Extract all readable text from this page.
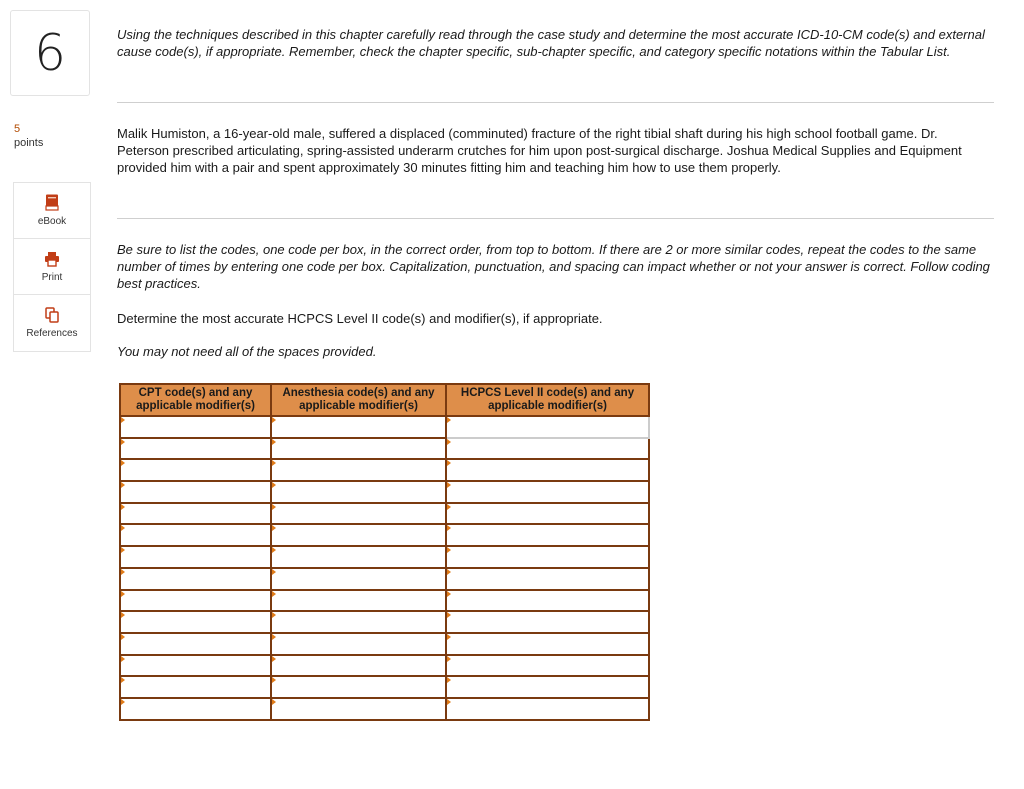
6
5
points
eBook
Print
References

Using the techniques described in this chapter carefully read through the case study and determine the most accurate ICD-10-CM code(s) and external cause code(s), if appropriate. Remember, check the chapter specific, sub-chapter specific, and category specific notations within the Tabular List.

Malik Humiston, a 16-year-old male, suffered a displaced (comminuted) fracture of the right tibial shaft during his high school football game. Dr. Peterson prescribed articulating, spring-assisted underarm crutches for him upon post-surgical discharge. Joshua Medical Supplies and Equipment provided him with a pair and spent approximately 30 minutes fitting him and teaching him how to use them properly.

Be sure to list the codes, one code per box, in the correct order, from top to bottom. If there are 2 or more similar codes, repeat the codes to the same number of times by entering one code per box. Capitalization, punctuation, and spacing can impact whether or not your answer is correct. Follow coding best practices.

Determine the most accurate HCPCS Level II code(s) and modifier(s), if appropriate.

You may not need all of the spaces provided.

CPT code(s) and any applicable modifier(s)	Anesthesia code(s) and any applicable modifier(s)	HCPCS Level II code(s) and any applicable modifier(s)
